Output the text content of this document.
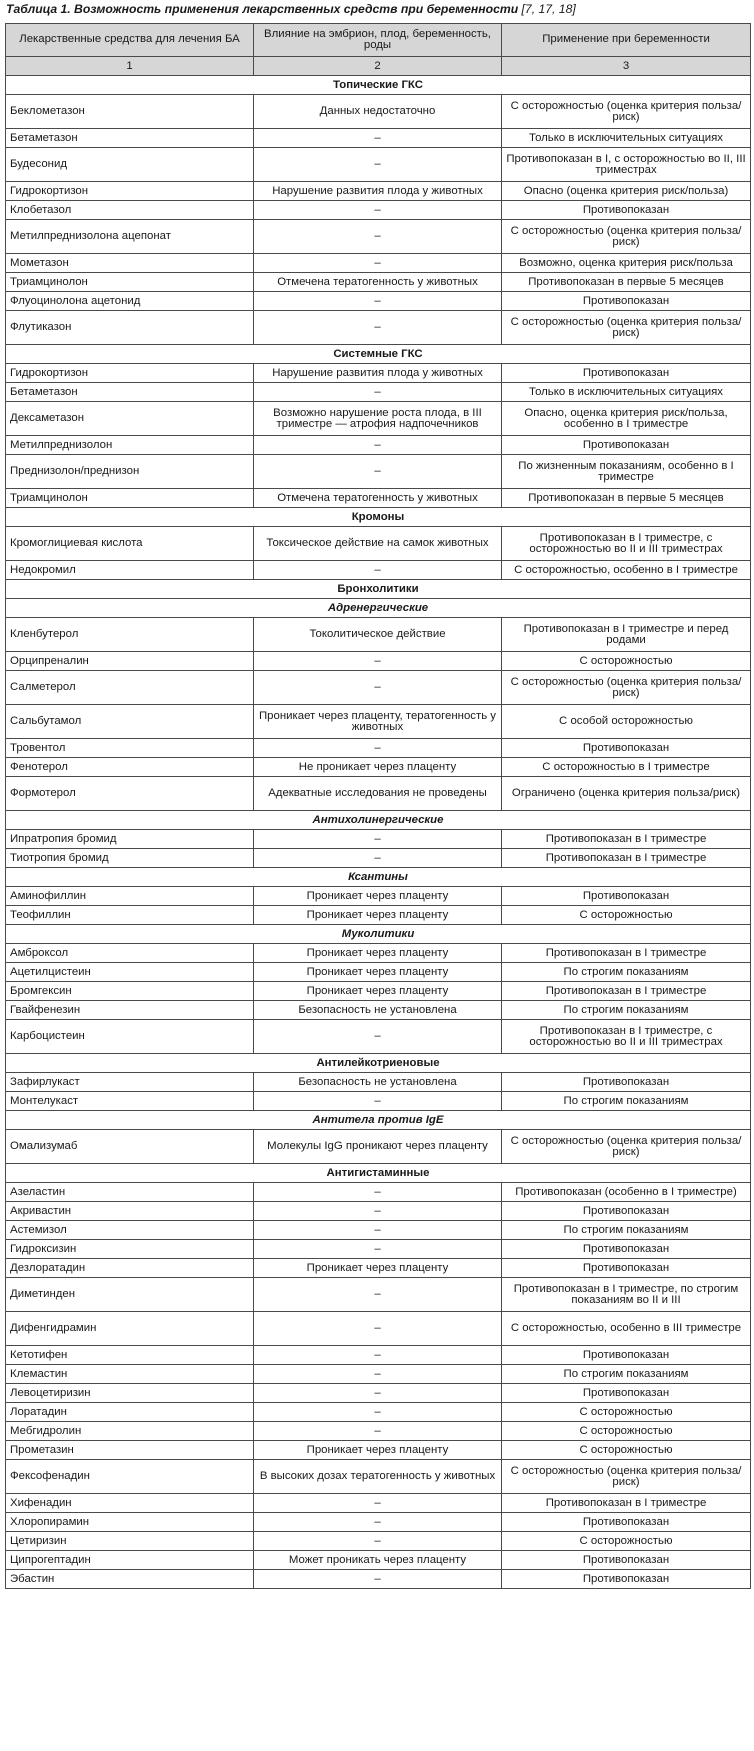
Таблица 1. Возможность применения лекарственных средств при беременности [7, 17, 18]
Лекарственные средства для лечения БА	Влияние на эмбрион, плод, беременность, роды	Применение при беременности
1	2	3
Топические ГКС		
Беклометазон	Данных недостаточно	С осторожностью (оценка критерия польза/риск)
Бетаметазон	–	Только в исключительных ситуациях
Будесонид	–	Противопоказан в I, с осторожностью во II, III триместрах
Гидрокортизон	Нарушение развития плода у животных	Опасно (оценка критерия риск/польза)
Клобетазол	–	Противопоказан
Метилпреднизолона ацепонат	–	С осторожностью (оценка критерия польза/риск)
Мометазон	–	Возможно, оценка критерия риск/польза
Триамцинолон	Отмечена тератогенность у животных	Противопоказан в первые 5 месяцев
Флуоцинолона ацетонид	–	Противопоказан
Флутиказон	–	С осторожностью (оценка критерия польза/риск)
Системные ГКС		
Гидрокортизон	Нарушение развития плода у животных	Противопоказан
Бетаметазон	–	Только в исключительных ситуациях
Дексаметазон	Возможно нарушение роста плода, в III триместре — атрофия надпочечников	Опасно, оценка критерия риск/польза, особенно в I триместре
Метилпреднизолон	–	Противопоказан
Преднизолон/преднизон	–	По жизненным показаниям, особенно в I триместре
Триамцинолон	Отмечена тератогенность у животных	Противопоказан в первые 5 месяцев
Кромоны		
Кромоглициевая кислота	Токсическое действие на самок животных	Противопоказан в I триместре, с осторожностью во II и III триместрах
Недокромил	–	С осторожностью, особенно в I триместре
Бронхолитики		
Адренергические		
Кленбутерол	Токолитическое действие	Противопоказан в I триместре и перед родами
Орципреналин	–	С осторожностью
Салметерол	–	С осторожностью (оценка критерия польза/риск)
Сальбутамол	Проникает через плаценту, тератогенность у животных	С особой осторожностью
Тровентол	–	Противопоказан
Фенотерол	Не проникает через плаценту	С осторожностью в I триместре
Формотерол	Адекватные исследования не проведены	Ограничено (оценка критерия польза/риск)
Антихолинергические		
Ипратропия бромид	–	Противопоказан в I триместре
Тиотропия бромид	–	Противопоказан в I триместре
Ксантины		
Аминофиллин	Проникает через плаценту	Противопоказан
Теофиллин	Проникает через плаценту	С осторожностью
Муколитики		
Амброксол	Проникает через плаценту	Противопоказан в I триместре
Ацетилцистеин	Проникает через плаценту	По строгим показаниям
Бромгексин	Проникает через плаценту	Противопоказан в I триместре
Гвайфенезин	Безопасность не установлена	По строгим показаниям
Карбоцистеин	–	Противопоказан в I триместре, с осторожностью во II и III триместрах
Антилейкотриеновые		
Зафирлукаст	Безопасность не установлена	Противопоказан
Монтелукаст	–	По строгим показаниям
Антитела против IgE		
Омализумаб	Молекулы IgG проникают через плаценту	С осторожностью (оценка критерия польза/риск)
Антигистаминные		
Азеластин	–	Противопоказан (особенно в I триместре)
Акривастин	–	Противопоказан
Астемизол	–	По строгим показаниям
Гидроксизин	–	Противопоказан
Дезлоратадин	Проникает через плаценту	Противопоказан
Диметинден	–	Противопоказан в I триместре, по строгим показаниям во II и III
Дифенгидрамин	–	С осторожностью, особенно в III триместре
Кетотифен	–	Противопоказан
Клемастин	–	По строгим показаниям
Левоцетиризин	–	Противопоказан
Лоратадин	–	С осторожностью
Мебгидролин	–	С осторожностью
Прометазин	Проникает через плаценту	С осторожностью
Фексофенадин	В высоких дозах тератогенность у животных	С осторожностью (оценка критерия польза/риск)
Хифенадин	–	Противопоказан в I триместре
Хлоропирамин	–	Противопоказан
Цетиризин	–	С осторожностью
Ципрогептадин	Может проникать через плаценту	Противопоказан
Эбастин	–	Противопоказан
